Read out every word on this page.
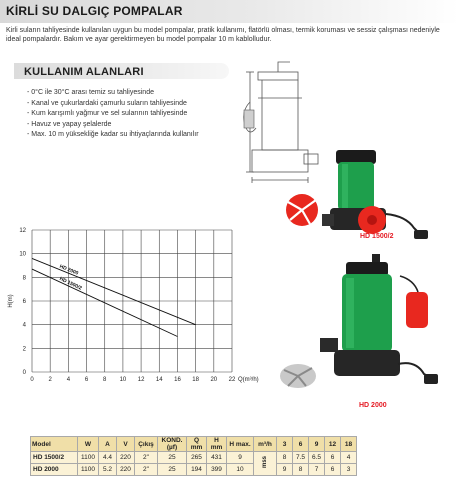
KİRLİ SU DALGIÇ POMPALAR
Kirli suların tahliyesinde kullanılan uygun bu model pompalar, pratik kullanımı, flatörlü olması, termik koruması ve sessiz çalışması nedeniyle ideal pompalardır. Bakım ve ayar gerektirmeyen bu model pompalar 10 m kablolludur.
KULLANIM ALANLARI
- 0°C ile 30°C arası temiz su tahliyesinde
- Kanal ve çukurlardaki çamurlu suların tahliyesinde
- Kum karışımlı yağmur ve sel sularının tahliyesinde
- Havuz ve yapay şelalerde
- Max. 10 m yüksekliğe kadar su ihtiyaçlarında kullanılır
HD 1500/2
HD 2000
0 2 4 6 8 10 12 14 16 18 20 22
0
2
4
6
8
10
12
HD 2000
HD 1500/2
H(m)
Q(m³/h)
Model	W	A	V	Çıkış	KOND. (µf)	Q mm	H mm	H max.	m³/h	3	6	9	12	18
HD 1500/2	1100	4.4	220	2"	25	265	431	9	mss	8	7.5	6.5	6	4
HD 2000	1100	5.2	220	2"	25	194	399	10		9	8	7	6	3
